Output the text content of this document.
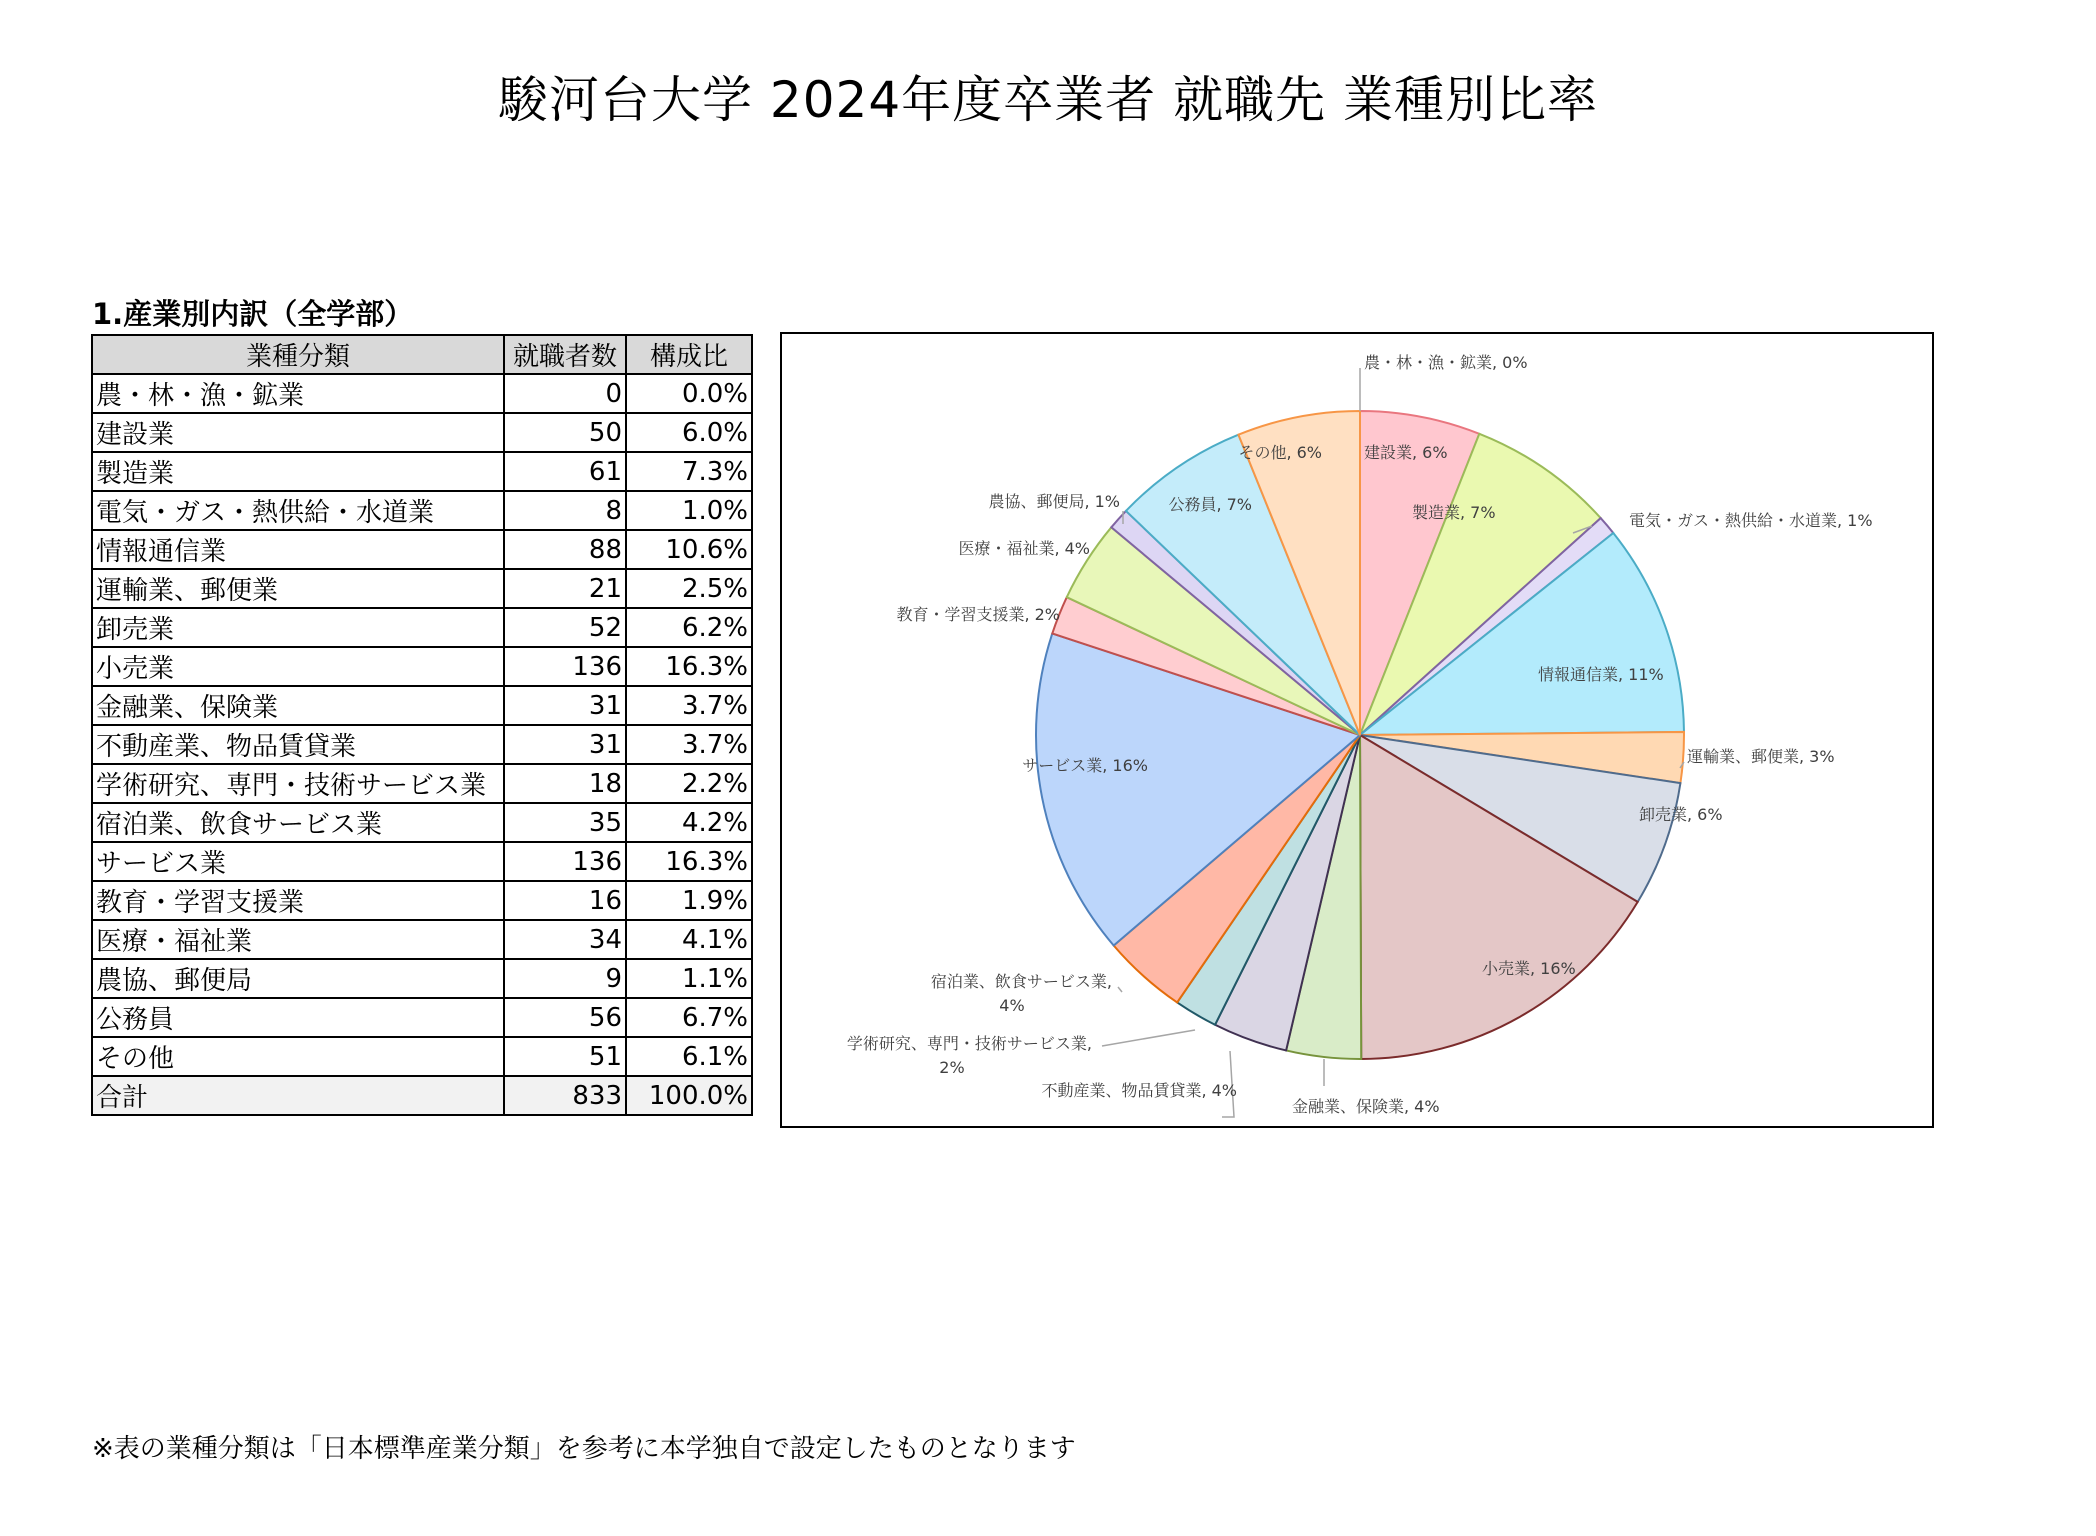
駿河台大学 2024年度卒業者 就職先 業種別比率
1.産業別内訳（全学部）
業種分類	就職者数	構成比
農・林・漁・鉱業	0	0.0%
建設業	50	6.0%
製造業	61	7.3%
電気・ガス・熱供給・水道業	8	1.0%
情報通信業	88	10.6%
運輸業、郵便業	21	2.5%
卸売業	52	6.2%
小売業	136	16.3%
金融業、保険業	31	3.7%
不動産業、物品賃貸業	31	3.7%
学術研究、専門・技術サービス業	18	2.2%
宿泊業、飲食サービス業	35	4.2%
サービス業	136	16.3%
教育・学習支援業	16	1.9%
医療・福祉業	34	4.1%
農協、郵便局	9	1.1%
公務員	56	6.7%
その他	51	6.1%
合計	833	100.0%
農・林・漁・鉱業, 0%
建設業, 6%
製造業, 7%	電気・ガス・熱供給・水道業, 1%
情報通信業, 11%
運輸業、郵便業, 3%
卸売業, 6%
小売業, 16%
金融業、保険業, 4%
不動産業、物品賃貸業, 4%
学術研究、専門・技術サービス業, 2%
宿泊業、飲食サービス業, 4%
サービス業, 16%
教育・学習支援業, 2%
医療・福祉業, 4%
農協、郵便局, 1%	公務員, 7%
その他, 6%
※表の業種分類は「日本標準産業分類」を参考に本学独自で設定したものとなります
